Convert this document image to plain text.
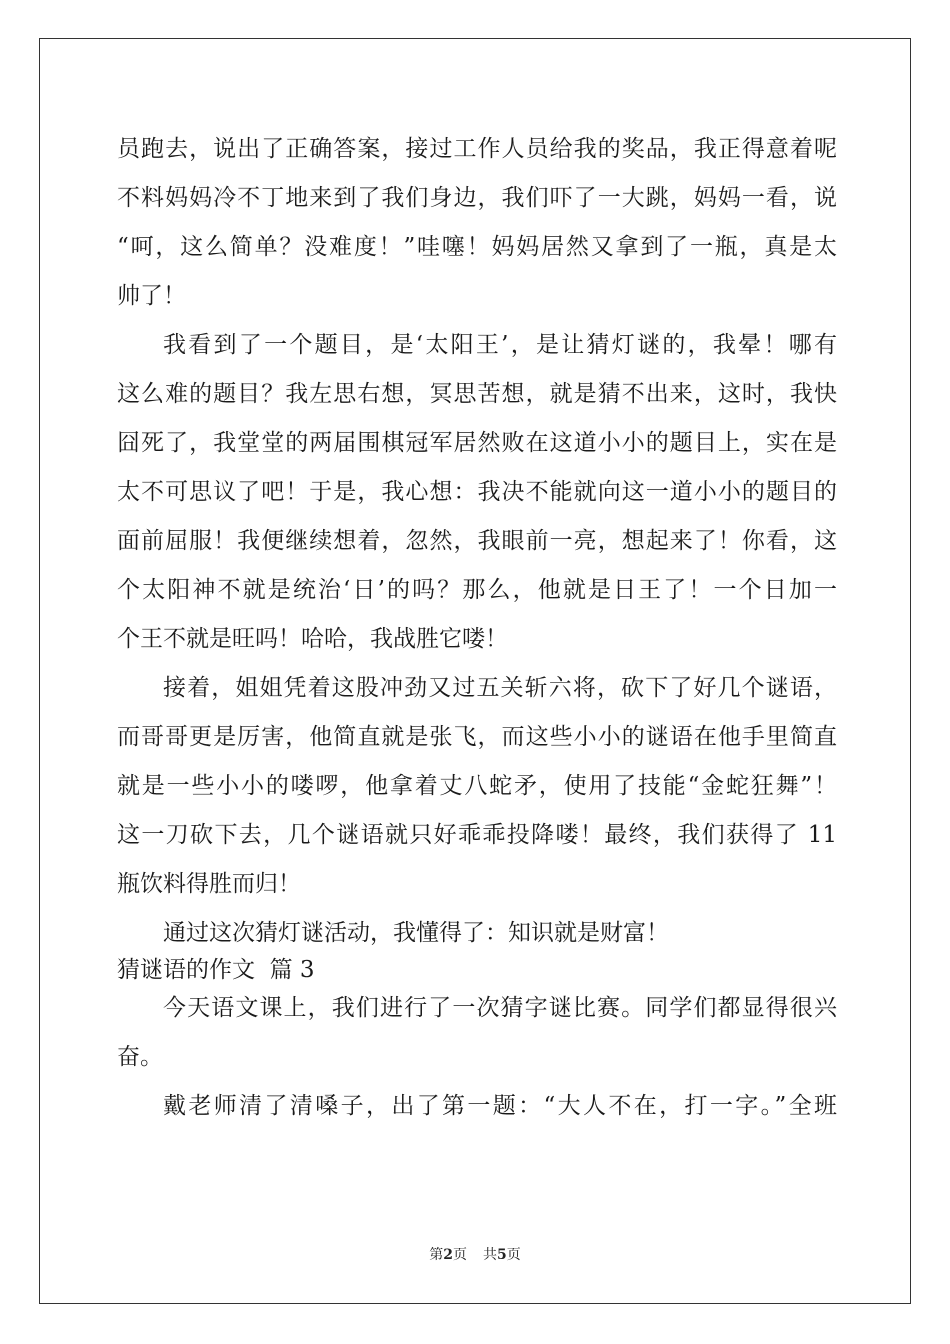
员跑去，说出了正确答案，接过工作人员给我的奖品，我正得意着呢
不料妈妈冷不丁地来到了我们身边，我们吓了一大跳，妈妈一看，说
“呵，这么简单？没难度！”哇噻！妈妈居然又拿到了一瓶，真是太
帅了！
我看到了一个题目，是‘太阳王’，是让猜灯谜的，我晕！哪有
这么难的题目？我左思右想，冥思苦想，就是猜不出来，这时，我快
囧死了，我堂堂的两届围棋冠军居然败在这道小小的题目上，实在是
太不可思议了吧！于是，我心想：我决不能就向这一道小小的题目的
面前屈服！我便继续想着，忽然，我眼前一亮，想起来了！你看，这
个太阳神不就是统治‘日’的吗？那么，他就是日王了！一个日加一
个王不就是旺吗！哈哈，我战胜它喽！
接着，姐姐凭着这股冲劲又过五关斩六将，砍下了好几个谜语，
而哥哥更是厉害，他简直就是张飞，而这些小小的谜语在他手里简直
就是一些小小的喽啰，他拿着丈八蛇矛，使用了技能“金蛇狂舞”！
这一刀砍下去，几个谜语就只好乖乖投降喽！最终，我们获得了 11
瓶饮料得胜而归！
通过这次猜灯谜活动，我懂得了：知识就是财富！
猜谜语的作文  篇 3
今天语文课上，我们进行了一次猜字谜比赛。同学们都显得很兴
奋。
戴老师清了清嗓子，出了第一题：“大人不在，打一字。”全班
第2页 共5页
